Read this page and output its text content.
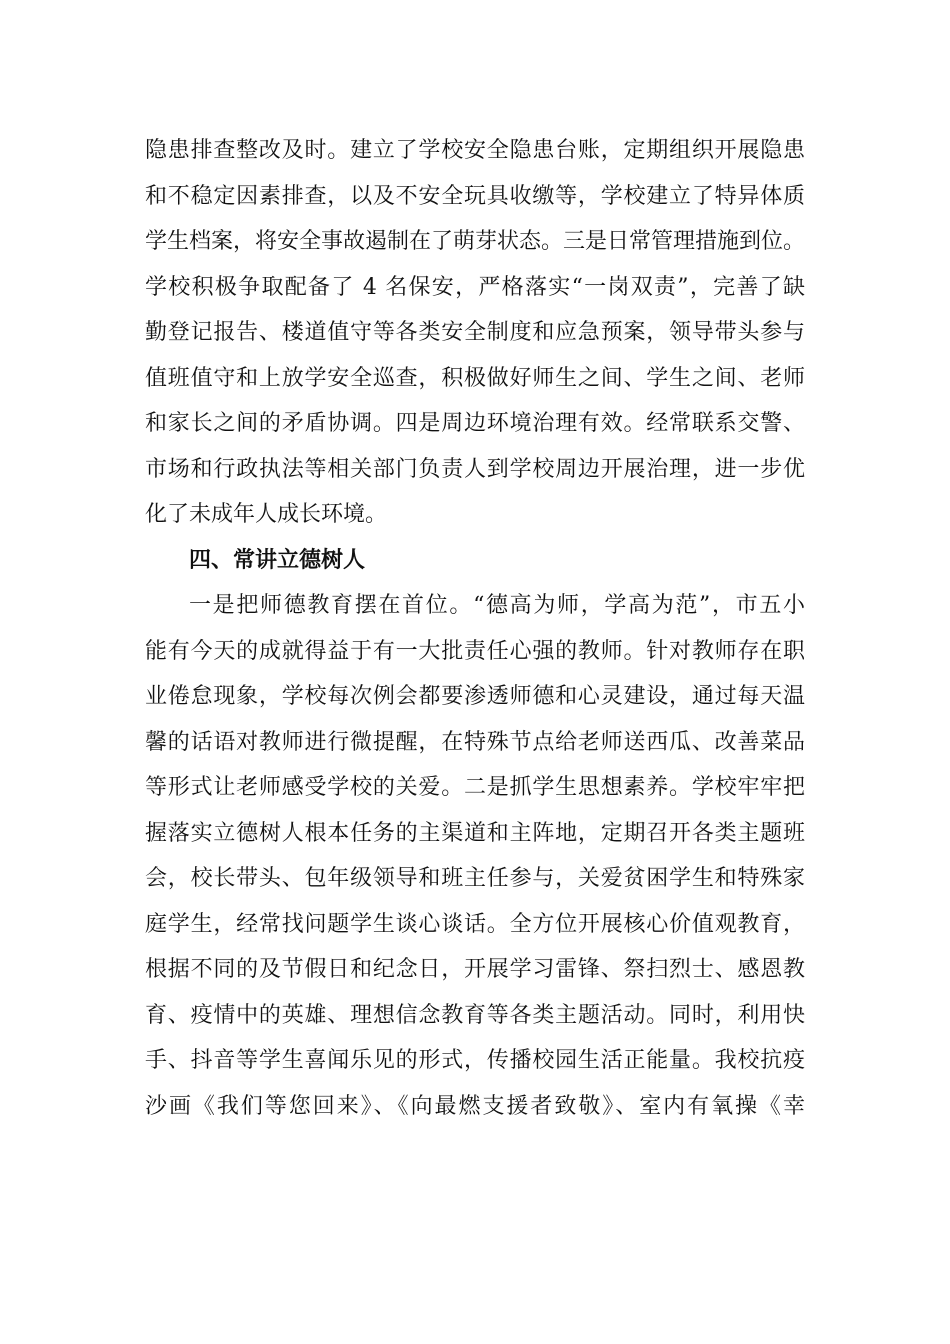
隐患排查整改及时。建立了学校安全隐患台账，定期组织开展隐患
和不稳定因素排查，以及不安全玩具收缴等，学校建立了特异体质
学生档案，将安全事故遏制在了萌芽状态。三是日常管理措施到位。
学校积极争取配备了 4 名保安，严格落实“一岗双责”，完善了缺
勤登记报告、楼道值守等各类安全制度和应急预案，领导带头参与
值班值守和上放学安全巡查，积极做好师生之间、学生之间、老师
和家长之间的矛盾协调。四是周边环境治理有效。经常联系交警、
市场和行政执法等相关部门负责人到学校周边开展治理，进一步优
化了未成年人成长环境。
四、常讲立德树人
一是把师德教育摆在首位。“德高为师，学高为范”，市五小
能有今天的成就得益于有一大批责任心强的教师。针对教师存在职
业倦怠现象，学校每次例会都要渗透师德和心灵建设，通过每天温
馨的话语对教师进行微提醒，在特殊节点给老师送西瓜、改善菜品
等形式让老师感受学校的关爱。二是抓学生思想素养。学校牢牢把
握落实立德树人根本任务的主渠道和主阵地，定期召开各类主题班
会，校长带头、包年级领导和班主任参与，关爱贫困学生和特殊家
庭学生，经常找问题学生谈心谈话。全方位开展核心价值观教育，
根据不同的及节假日和纪念日，开展学习雷锋、祭扫烈士、感恩教
育、疫情中的英雄、理想信念教育等各类主题活动。同时，利用快
手、抖音等学生喜闻乐见的形式，传播校园生活正能量。我校抗疫
沙画《我们等您回来》、《向最燃支援者致敬》、室内有氧操《幸
